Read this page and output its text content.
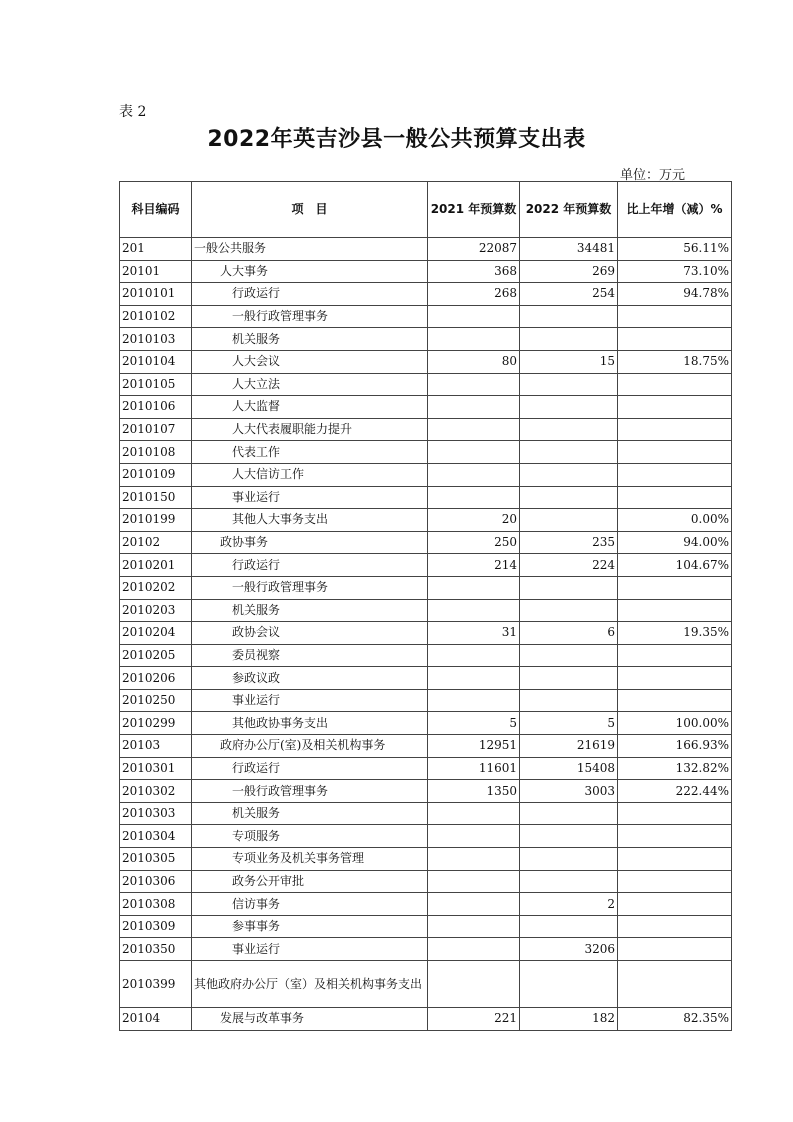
表 2
2022年英吉沙县一般公共预算支出表
单位：万元
科目编码	项　目	2021 年预算数	2022 年预算数	比上年增（减）%
201	一般公共服务	22087	34481	56.11%
20101	人大事务	368	269	73.10%
2010101	行政运行	268	254	94.78%
2010102	一般行政管理事务			
2010103	机关服务			
2010104	人大会议	80	15	18.75%
2010105	人大立法			
2010106	人大监督			
2010107	人大代表履职能力提升			
2010108	代表工作			
2010109	人大信访工作			
2010150	事业运行			
2010199	其他人大事务支出	20		0.00%
20102	政协事务	250	235	94.00%
2010201	行政运行	214	224	104.67%
2010202	一般行政管理事务			
2010203	机关服务			
2010204	政协会议	31	6	19.35%
2010205	委员视察			
2010206	参政议政			
2010250	事业运行			
2010299	其他政协事务支出	5	5	100.00%
20103	政府办公厅(室)及相关机构事务	12951	21619	166.93%
2010301	行政运行	11601	15408	132.82%
2010302	一般行政管理事务	1350	3003	222.44%
2010303	机关服务			
2010304	专项服务			
2010305	专项业务及机关事务管理			
2010306	政务公开审批			
2010308	信访事务		2	
2010309	参事事务			
2010350	事业运行		3206	
2010399	其他政府办公厅（室）及相关机构事务支出			
20104	发展与改革事务	221	182	82.35%
